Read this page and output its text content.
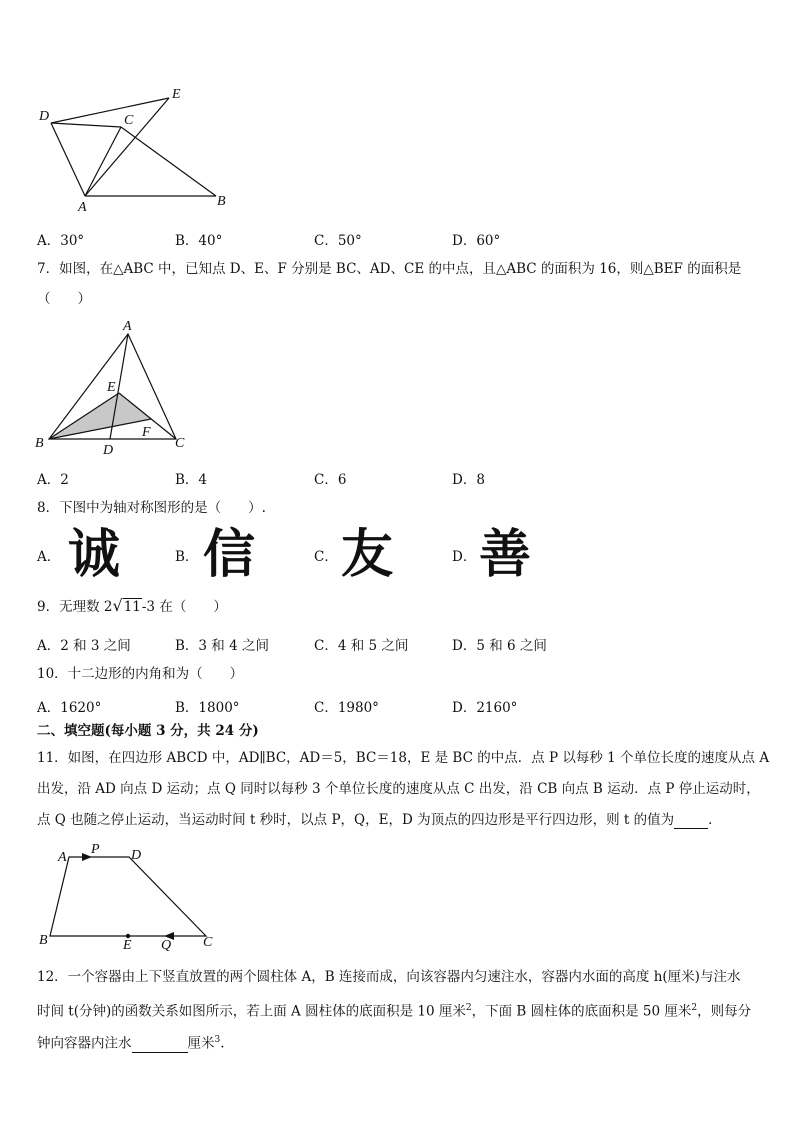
D	C
E
A	B
A．30°	B．40°	C．50°	D．60°
7．如图，在△ABC 中，已知点 D、E、F 分别是 BC、AD、CE 的中点，且△ABC 的面积为 16，则△BEF 的面积是
（　　）
A
E
F
B	D	C
A．2	B．4	C．6	D．8
8．下图中为轴对称图形的是（　　）.
A． 诚	B． 信	C． 友	D． 善
9．无理数 2√11-3 在（　　）
A．2 和 3 之间	B．3 和 4 之间	C．4 和 5 之间	D．5 和 6 之间
10．十二边形的内角和为（　　）
A．1620°	B．1800°	C．1980°	D．2160°
二、填空题(每小题 3 分，共 24 分)
11．如图，在四边形 ABCD 中，AD∥BC，AD＝5，BC＝18，E 是 BC 的中点．点 P 以每秒 1 个单位长度的速度从点 A
出发，沿 AD 向点 D 运动；点 Q 同时以每秒 3 个单位长度的速度从点 C 出发，沿 CB 向点 B 运动．点 P 停止运动时，
点 Q 也随之停止运动，当运动时间 t 秒时，以点 P，Q，E，D 为顶点的四边形是平行四边形，则 t 的值为	．
A
P D
B	E Q C
12．一个容器由上下竖直放置的两个圆柱体 A，B 连接而成，向该容器内匀速注水，容器内水面的高度 h(厘米)与注水
时间 t(分钟)的函数关系如图所示，若上面 A 圆柱体的底面积是 10 厘米$^2$，下面 B 圆柱体的底面积是 50 厘米$^2$，则每分
钟向容器内注水	厘米$^3$.
